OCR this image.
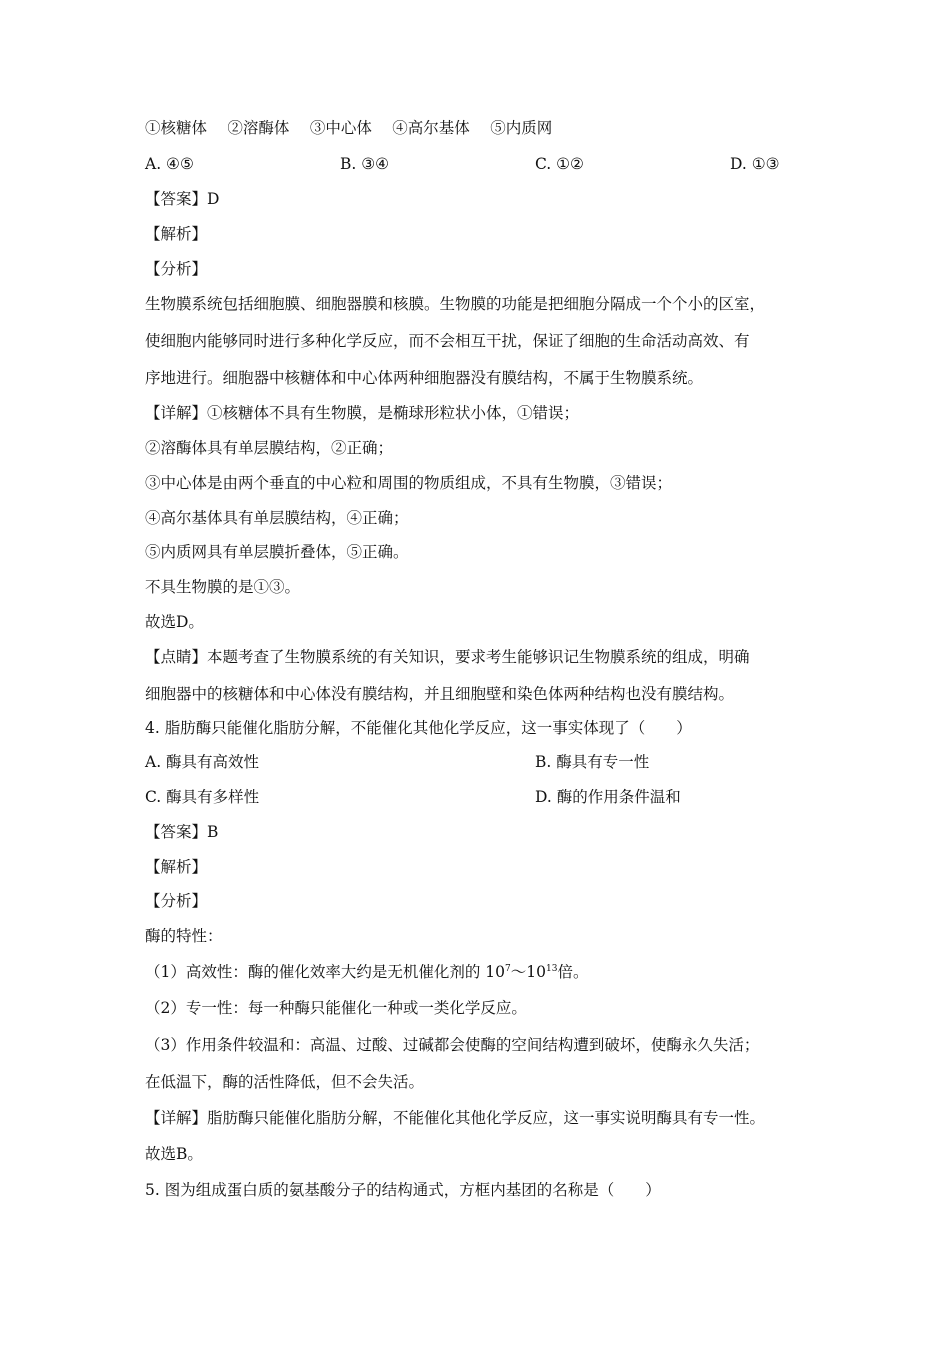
①核糖体　 ②溶酶体　 ③中心体　 ④高尔基体　 ⑤内质网
A. ④⑤	B. ③④	C. ①②	D. ①③
【答案】D
【解析】
【分析】
生物膜系统包括细胞膜、细胞器膜和核膜。生物膜的功能是把细胞分隔成一个个小的区室，
使细胞内能够同时进行多种化学反应，而不会相互干扰，保证了细胞的生命活动高效、有
序地进行。细胞器中核糖体和中心体两种细胞器没有膜结构，不属于生物膜系统。
【详解】①核糖体不具有生物膜，是椭球形粒状小体，①错误；
②溶酶体具有单层膜结构，②正确；
③中心体是由两个垂直的中心粒和周围的物质组成，不具有生物膜，③错误；
④高尔基体具有单层膜结构，④正确；
⑤内质网具有单层膜折叠体，⑤正确。
不具生物膜的是①③。
故选D。
【点睛】本题考查了生物膜系统的有关知识，要求考生能够识记生物膜系统的组成，明确
细胞器中的核糖体和中心体没有膜结构，并且细胞壁和染色体两种结构也没有膜结构。
4. 脂肪酶只能催化脂肪分解，不能催化其他化学反应，这一事实体现了（　　）
A. 酶具有高效性	B. 酶具有专一性
C. 酶具有多样性	D. 酶的作用条件温和
【答案】B
【解析】
【分析】
酶的特性：
（1）高效性：酶的催化效率大约是无机催化剂的 $10^7\sim 10^{13}$倍。
（2）专一性：每一种酶只能催化一种或一类化学反应。
（3）作用条件较温和：高温、过酸、过碱都会使酶的空间结构遭到破坏，使酶永久失活；
在低温下，酶的活性降低，但不会失活。
【详解】脂肪酶只能催化脂肪分解，不能催化其他化学反应，这一事实说明酶具有专一性。
故选B。
5. 图为组成蛋白质的氨基酸分子的结构通式，方框内基团的名称是（　　）
